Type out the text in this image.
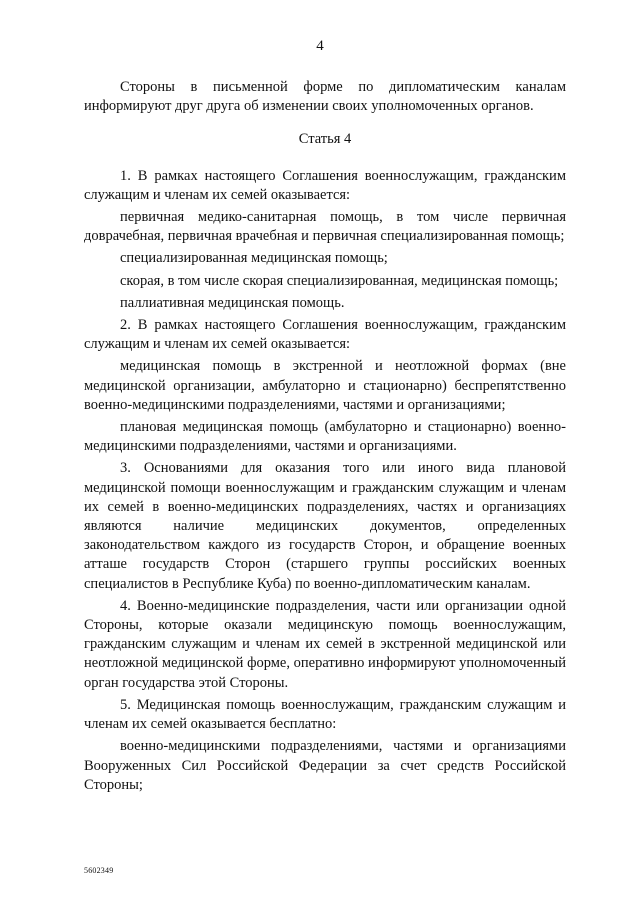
4

Стороны в письменной форме по дипломатическим каналам информируют друг друга об изменении своих уполномоченных органов.

Статья 4

1. В рамках настоящего Соглашения военнослужащим, гражданским служащим и членам их семей оказывается:

первичная медико-санитарная помощь, в том числе первичная доврачебная, первичная врачебная и первичная специализированная помощь;

специализированная медицинская помощь;

скорая, в том числе скорая специализированная, медицинская помощь;

паллиативная медицинская помощь.

2. В рамках настоящего Соглашения военнослужащим, гражданским служащим и членам их семей оказывается:

медицинская помощь в экстренной и неотложной формах (вне медицинской организации, амбулаторно и стационарно) беспрепятственно военно-медицинскими подразделениями, частями и организациями;

плановая медицинская помощь (амбулаторно и стационарно) военно-медицинскими подразделениями, частями и организациями.

3. Основаниями для оказания того или иного вида плановой медицинской помощи военнослужащим и гражданским служащим и членам их семей в военно-медицинских подразделениях, частях и организациях являются наличие медицинских документов, определенных законодательством каждого из государств Сторон, и обращение военных атташе государств Сторон (старшего группы российских военных специалистов в Республике Куба) по военно-дипломатическим каналам.

4. Военно-медицинские подразделения, части или организации одной Стороны, которые оказали медицинскую помощь военнослужащим, гражданским служащим и членам их семей в экстренной медицинской или неотложной медицинской форме, оперативно информируют уполномоченный орган государства этой Стороны.

5. Медицинская помощь военнослужащим, гражданским служащим и членам их семей оказывается бесплатно:

военно-медицинскими подразделениями, частями и организациями Вооруженных Сил Российской Федерации за счет средств Российской Стороны;

5602349
